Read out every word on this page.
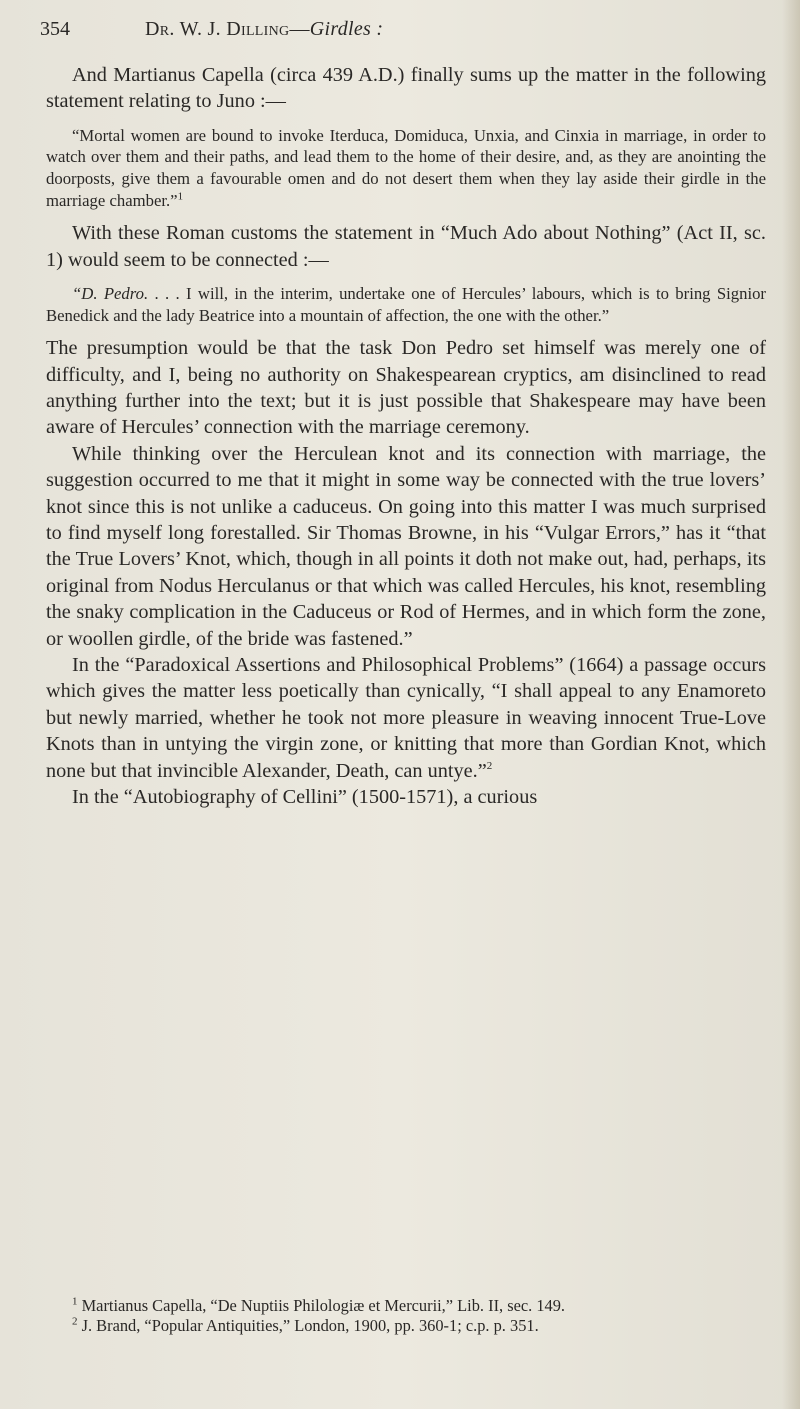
354	Dr. W. J. Dilling—Girdles :

And Martianus Capella (circa 439 A.D.) finally sums up the matter in the following statement relating to Juno :—

“Mortal women are bound to invoke Iterduca, Domiduca, Unxia, and Cinxia in marriage, in order to watch over them and their paths, and lead them to the home of their desire, and, as they are anointing the doorposts, give them a favourable omen and do not desert them when they lay aside their girdle in the marriage chamber.”$^1$

With these Roman customs the statement in “Much Ado about Nothing” (Act II, sc. 1) would seem to be connected :—

“D. Pedro. . . . I will, in the interim, undertake one of Hercules’ labours, which is to bring Signior Benedick and the lady Beatrice into a mountain of affection, the one with the other.”

The presumption would be that the task Don Pedro set himself was merely one of difficulty, and I, being no authority on Shakespearean cryptics, am disinclined to read anything further into the text; but it is just possible that Shakespeare may have been aware of Hercules’ connection with the marriage ceremony.

While thinking over the Herculean knot and its connection with marriage, the suggestion occurred to me that it might in some way be connected with the true lovers’ knot since this is not unlike a caduceus. On going into this matter I was much surprised to find myself long forestalled. Sir Thomas Browne, in his “Vulgar Errors,” has it “that the True Lovers’ Knot, which, though in all points it doth not make out, had, perhaps, its original from Nodus Herculanus or that which was called Hercules, his knot, resembling the snaky complication in the Caduceus or Rod of Hermes, and in which form the zone, or woollen girdle, of the bride was fastened.”

In the “Paradoxical Assertions and Philosophical Problems” (1664) a passage occurs which gives the matter less poetically than cynically, “I shall appeal to any Enamoreto but newly married, whether he took not more pleasure in weaving innocent True-Love Knots than in untying the virgin zone, or knitting that more than Gordian Knot, which none but that invincible Alexander, Death, can untye.”$^2$

In the “Autobiography of Cellini” (1500-1571), a curious

$^1$ Martianus Capella, “De Nuptiis Philologiæ et Mercurii,” Lib. II, sec. 149.

$^2$ J. Brand, “Popular Antiquities,” London, 1900, pp. 360-1; c.p. p. 351.
